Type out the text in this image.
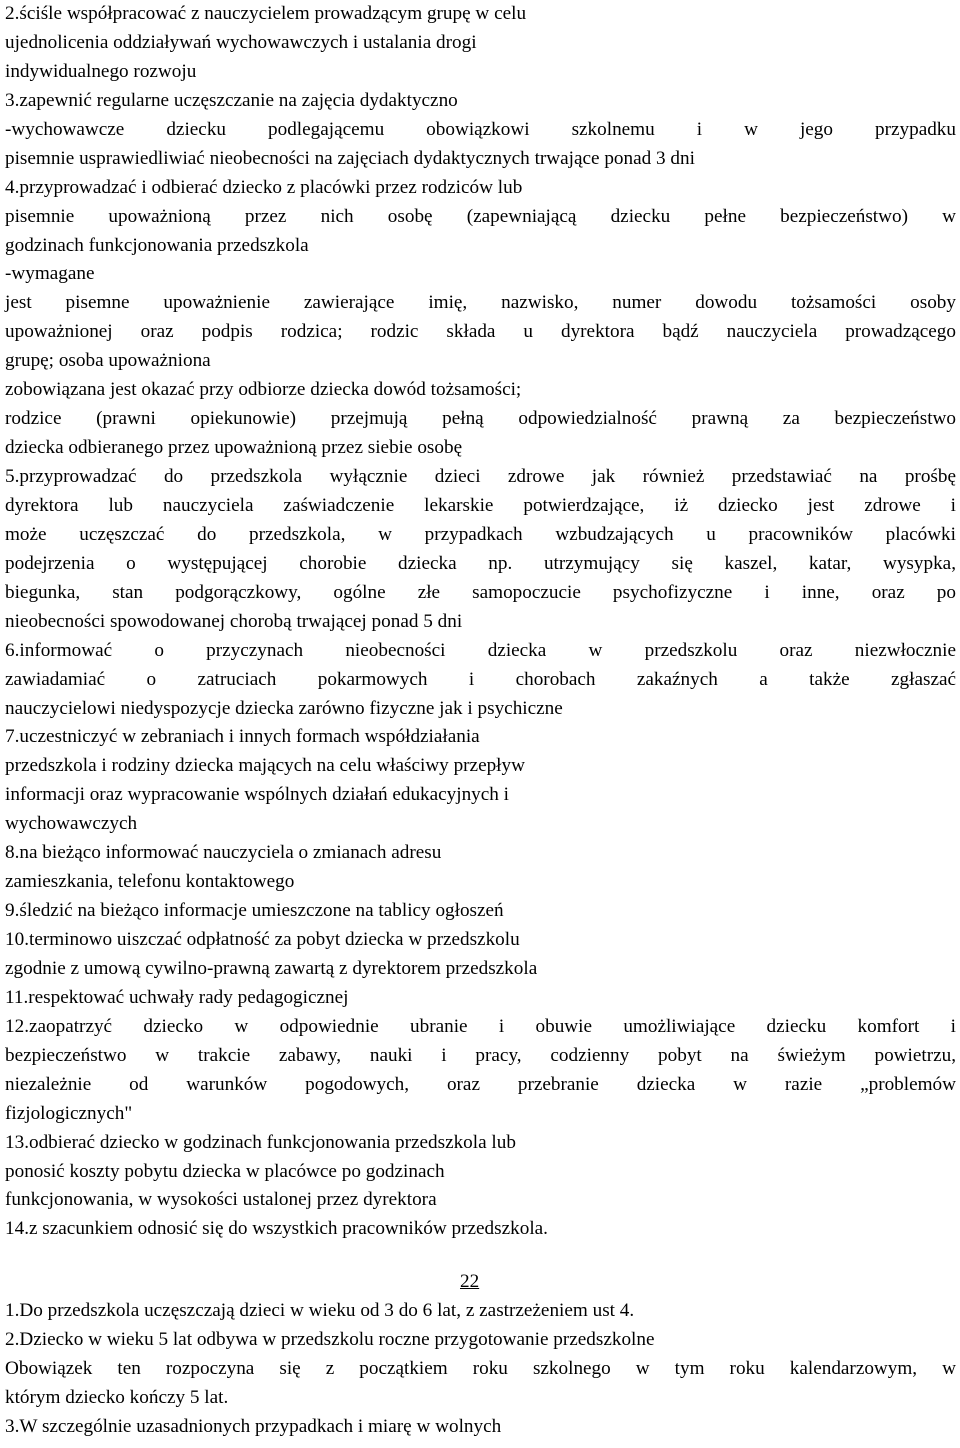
2.ściśle współpracować z nauczycielem prowadzącym grupę w celu
ujednolicenia oddziaływań wychowawczych i ustalania drogi
indywidualnego rozwoju
3.zapewnić regularne uczęszczanie na zajęcia dydaktyczno
-wychowawcze dziecku podlegającemu obowiązkowi szkolnemu i w jego przypadku
pisemnie usprawiedliwiać nieobecności na zajęciach dydaktycznych trwające ponad 3 dni
4.przyprowadzać i odbierać dziecko z placówki przez rodziców lub
pisemnie upoważnioną przez nich osobę (zapewniającą dziecku pełne bezpieczeństwo) w
godzinach funkcjonowania przedszkola
-wymagane
jest pisemne upoważnienie zawierające imię, nazwisko, numer dowodu tożsamości osoby
upoważnionej oraz podpis rodzica; rodzic składa u dyrektora bądź nauczyciela prowadzącego
grupę; osoba upoważniona
zobowiązana jest okazać przy odbiorze dziecka dowód tożsamości;
rodzice (prawni opiekunowie) przejmują pełną odpowiedzialność prawną za bezpieczeństwo
dziecka odbieranego przez upoważnioną przez siebie osobę
5.przyprowadzać do przedszkola wyłącznie dzieci zdrowe jak również przedstawiać na prośbę
dyrektora lub nauczyciela zaświadczenie lekarskie potwierdzające, iż dziecko jest zdrowe i
może uczęszczać do przedszkola, w przypadkach wzbudzających u pracowników placówki
podejrzenia o występującej chorobie dziecka np. utrzymujący się kaszel, katar, wysypka,
biegunka, stan podgorączkowy, ogólne złe samopoczucie psychofizyczne i inne, oraz po
nieobecności spowodowanej chorobą trwającej ponad 5 dni
6.informować o przyczynach nieobecności dziecka w przedszkolu oraz niezwłocznie
zawiadamiać o zatruciach pokarmowych i chorobach zakaźnych a także zgłaszać
nauczycielowi niedyspozycje dziecka zarówno fizyczne jak i psychiczne
7.uczestniczyć w zebraniach i innych formach współdziałania
przedszkola i rodziny dziecka mających na celu właściwy przepływ
informacji oraz wypracowanie wspólnych działań edukacyjnych i
wychowawczych
8.na bieżąco informować nauczyciela o zmianach adresu
zamieszkania, telefonu kontaktowego
9.śledzić na bieżąco informacje umieszczone na tablicy ogłoszeń
10.terminowo uiszczać odpłatność za pobyt dziecka w przedszkolu
zgodnie z umową cywilno-prawną zawartą z dyrektorem przedszkola
11.respektować uchwały rady pedagogicznej
12.zaopatrzyć dziecko w odpowiednie ubranie i obuwie umożliwiające dziecku komfort i
bezpieczeństwo w trakcie zabawy, nauki i pracy, codzienny pobyt na świeżym powietrzu,
niezależnie od warunków pogodowych, oraz przebranie dziecka w razie „problemów
fizjologicznych"
13.odbierać dziecko w godzinach funkcjonowania przedszkola lub
ponosić koszty pobytu dziecka w placówce po godzinach
funkcjonowania, w wysokości ustalonej przez dyrektora
14.z szacunkiem odnosić się do wszystkich pracowników przedszkola.
22
1.Do przedszkola uczęszczają dzieci w wieku od 3 do 6 lat, z zastrzeżeniem ust 4.
2.Dziecko w wieku 5 lat odbywa w przedszkolu roczne przygotowanie przedszkolne
Obowiązek ten rozpoczyna się z początkiem roku szkolnego w tym roku kalendarzowym, w
którym dziecko kończy 5 lat.
3.W szczególnie uzasadnionych przypadkach i miarę w wolnych
